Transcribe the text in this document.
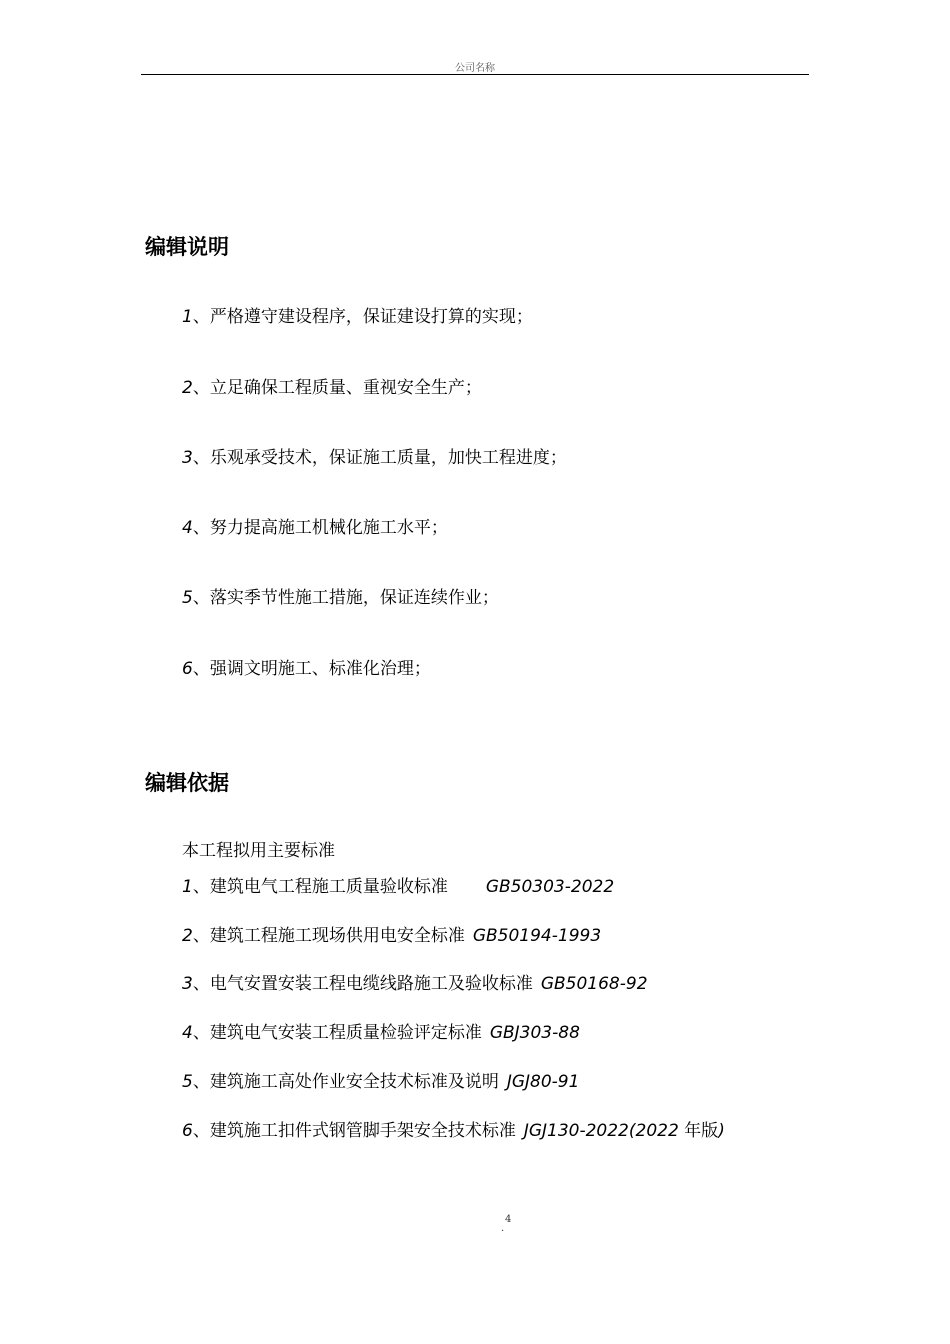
公司名称
编辑说明
1、严格遵守建设程序，保证建设打算的实现；
2、立足确保工程质量、重视安全生产；
3、乐观承受技术，保证施工质量，加快工程进度；
4、努力提高施工机械化施工水平；
5、落实季节性施工措施，保证连续作业；
6、强调文明施工、标准化治理；
编辑依据
本工程拟用主要标准
1、建筑电气工程施工质量验收标准 GB50303-2022
2、建筑工程施工现场供用电安全标准 GB50194-1993
3、电气安置安装工程电缆线路施工及验收标准 GB50168-92
4、建筑电气安装工程质量检验评定标准 GBJ303-88
5、建筑施工高处作业安全技术标准及说明 JGJ80-91
6、建筑施工扣件式钢管脚手架安全技术标准 JGJ130-2022(2022 年版)
4
.
